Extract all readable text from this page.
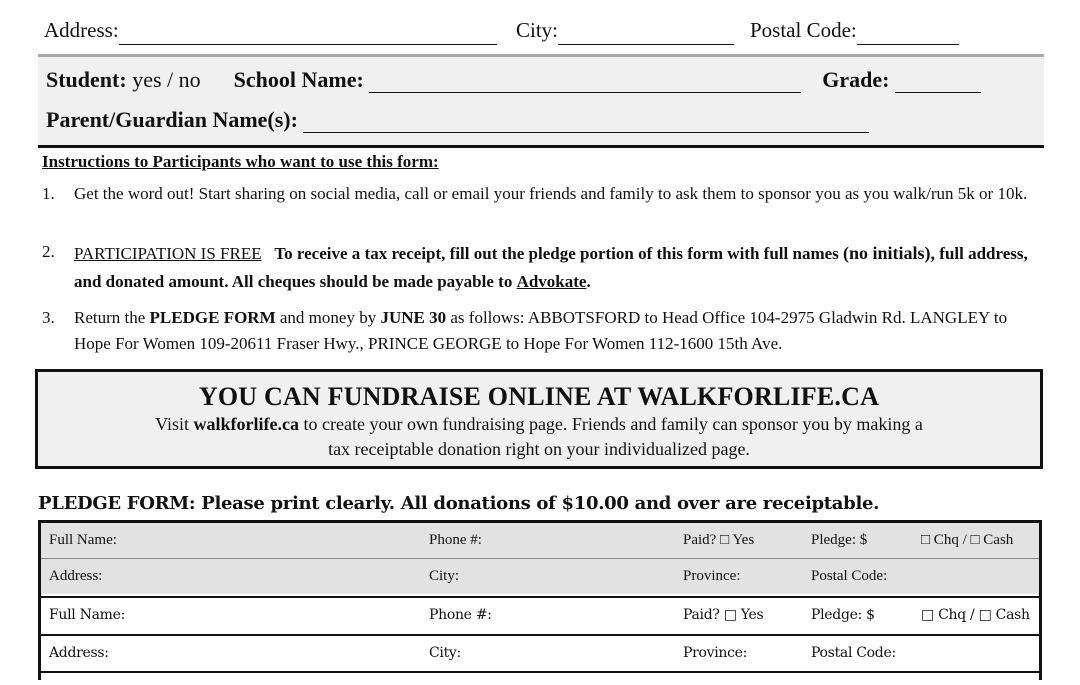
Address:	City:	Postal Code:
Student: yes / no School Name:	Grade:
Parent/Guardian Name(s):
Instructions to Participants who want to use this form:
1. Get the word out! Start sharing on social media, call or email your friends and family to ask them to sponsor you as you walk/run 5k or 10k.
2. PARTICIPATION IS FREE To receive a tax receipt, fill out the pledge portion of this form with full names (no initials), full address, and donated amount. All cheques should be made payable to Advokate.
3. Return the PLEDGE FORM and money by JUNE 30 as follows: ABBOTSFORD to Head Office 104-2975 Gladwin Rd. LANGLEY to Hope For Women 109-20611 Fraser Hwy., PRINCE GEORGE to Hope For Women 112-1600 15th Ave.
YOU CAN FUNDRAISE ONLINE AT WALKFORLIFE.CA
Visit walkforlife.ca to create your own fundraising page. Friends and family can sponsor you by making a
tax receiptable donation right on your individualized page.
PLEDGE FORM: Please print clearly. All donations of $10.00 and over are receiptable.
Full Name:	Phone #:	Paid? □ Yes	Pledge: $	□ Chq / □ Cash
Address:	City:	Province:	Postal Code:
Full Name:	Phone #:	Paid? □ Yes	Pledge: $	□ Chq / □ Cash
Address:	City:	Province:	Postal Code:
